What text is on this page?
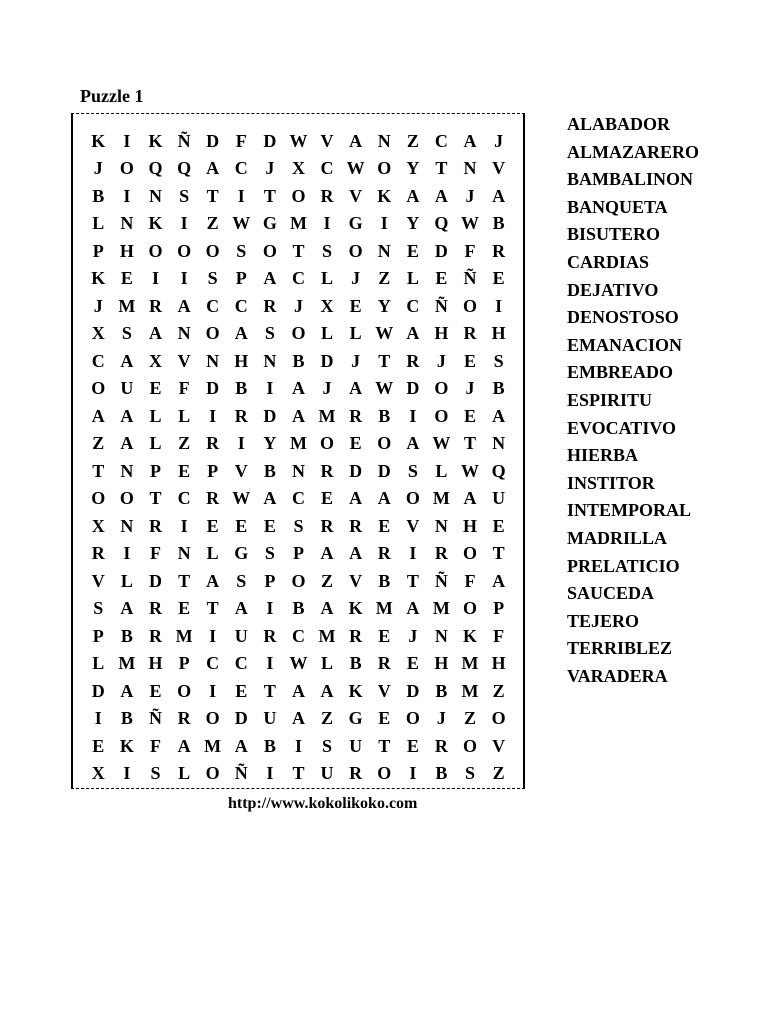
Puzzle 1
K	I	K Ñ D F D W V A N Z C A J
J O Q Q A C J X C W O Y T N V
B	I	N S T	I	T O R V K A A J A
L N K	I	Z W G M I	G	I	Y Q W B
P H O O O S O T S O N E D F R
K E	I	I	S	P A C L	J	Z L E Ñ E
J M R A C C R J X E Y C Ñ O	I
X S A N O A S O L L W A H R H
C A X V N H N B D J	T R J	E S
O U E F D B	I	A J A W D O J	B
A A L L	I	R D A M R B	I	O E A
Z A L Z R	I	Y M O E O A W T N
T N P E P V B N R D D S L W Q
O O T C R W A C E A A O M A U
X N R	I	E E E S R R E V N H E
R	I	F N L G S	P A A R	I	R O T
V L D T A S	P O Z V B T Ñ F A
S A R E T A	I	B A K M A M O P
P B R M I	U R C M R E	J N K F
L M H P C C	I W L B R E H M H
D A E O	I	E T A A K V D B M Z
I	B Ñ R O D U A Z G E O J	Z O
E K F A M A B	I	S U T E R O V
X	I	S L O Ñ	I	T U R O	I	B S Z
ALABADOR
ALMAZARERO
BAMBALINON
BANQUETA
BISUTERO
CARDIAS
DEJATIVO
DENOSTOSO
EMANACION
EMBREADO
ESPIRITU
EVOCATIVO
HIERBA
INSTITOR
INTEMPORAL
MADRILLA
PRELATICIO
SAUCEDA
TEJERO
TERRIBLEZ
VARADERA
http://www.kokolikoko.com
